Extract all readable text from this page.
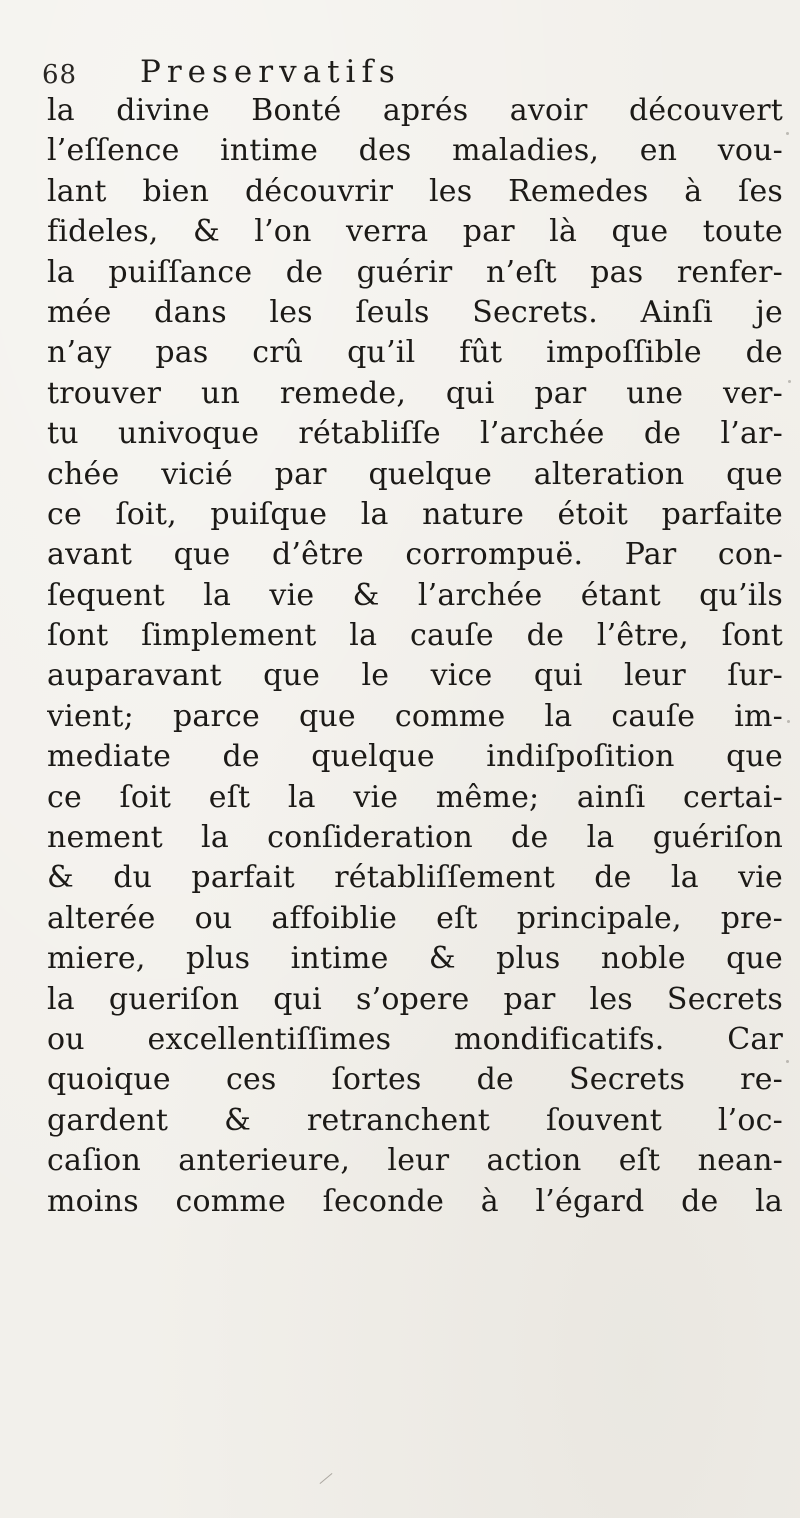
68 Preservatifs
la divine Bonté aprés avoir découvert
l’eſſence intime des maladies, en vou-
lant bien découvrir les Remedes à ſes
fideles, & l’on verra par là que toute
la puiſſance de guérir n’eſt pas renfer-
mée dans les ſeuls Secrets. Ainſi je
n’ay pas crû qu’il fût impoſſible de
trouver un remede, qui par une ver-
tu univoque rétabliſſe l’archée de l’ar-
chée vicié par quelque alteration que
ce ſoit, puiſque la nature étoit parfaite
avant que d’être corrompuë. Par con-
ſequent la vie & l’archée étant qu’ils
ſont ſimplement la cauſe de l’être, ſont
auparavant que le vice qui leur ſur-
vient; parce que comme la cauſe im-
mediate de quelque indiſpoſition que
ce ſoit eſt la vie même; ainſi certai-
nement la conſideration de la guériſon
& du parfait rétabliſſement de la vie
alterée ou affoiblie eſt principale, pre-
miere, plus intime & plus noble que
la gueriſon qui s’opere par les Secrets
ou excellentiſſimes mondificatifs. Car
quoique ces ſortes de Secrets re-
gardent & retranchent ſouvent l’oc-
caſion anterieure, leur action eſt nean-
moins comme ſeconde à l’égard de la
